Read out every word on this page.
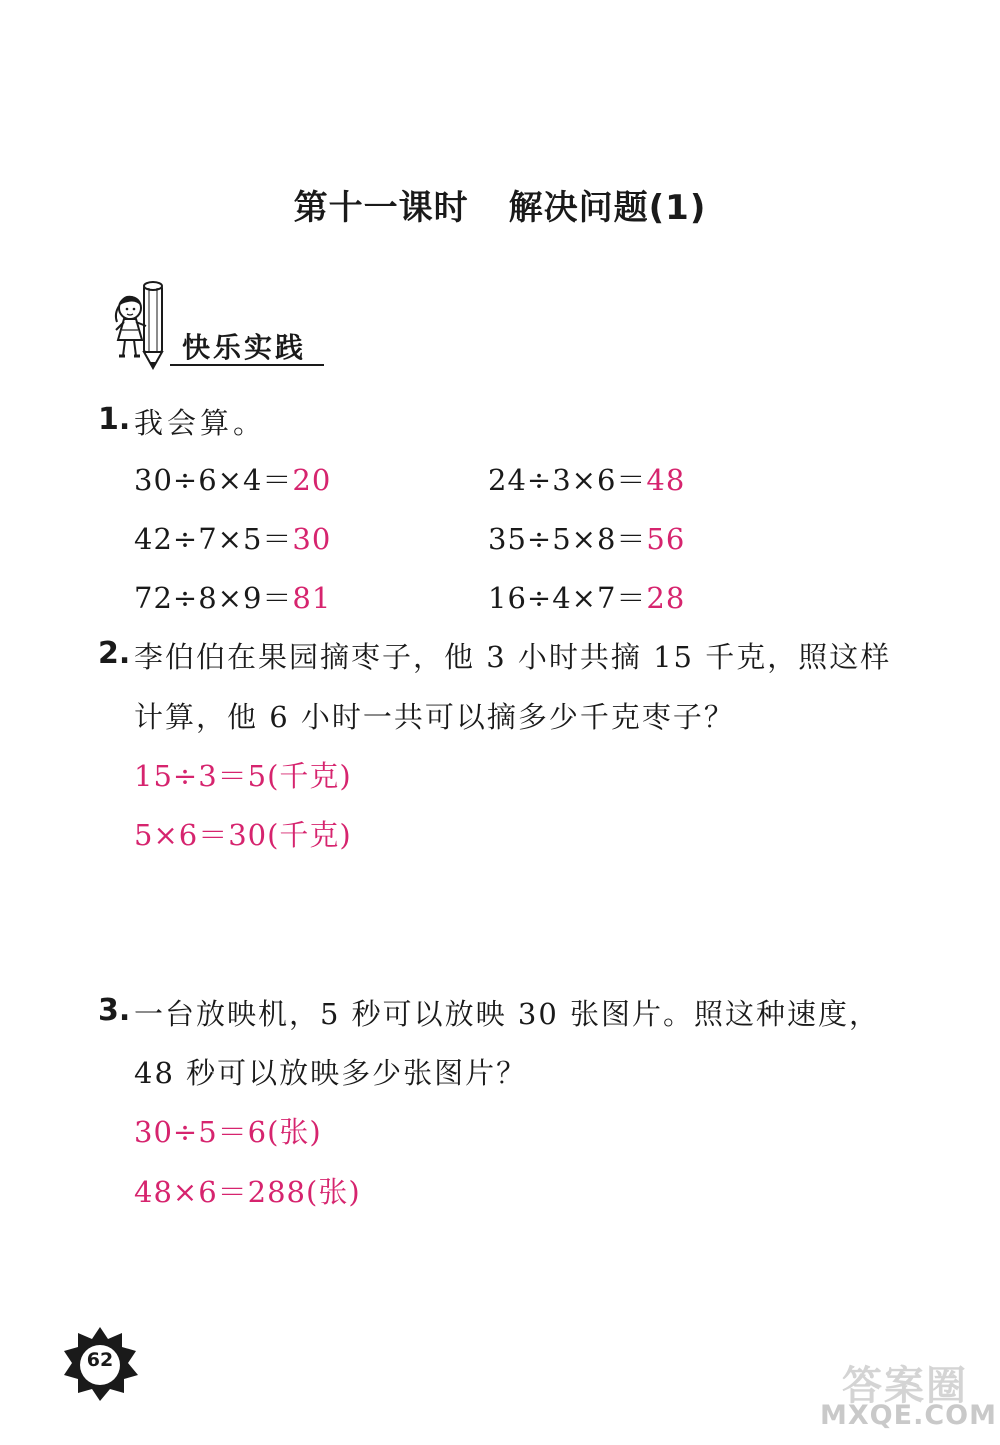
第十一课时 解决问题(1)
快乐实践
1. 我会算。
30÷6×4＝20	24÷3×6＝48
42÷7×5＝30	35÷5×8＝56
72÷8×9＝81	16÷4×7＝28
2. 李伯伯在果园摘枣子，他 3 小时共摘 15 千克，照这样
计算，他 6 小时一共可以摘多少千克枣子？
15÷3＝5(千克)
5×6＝30(千克)
3. 一台放映机，5 秒可以放映 30 张图片。照这种速度，
48 秒可以放映多少张图片？
30÷5＝6(张)
48×6＝288(张)
62
答案圈
MXQE.COM
